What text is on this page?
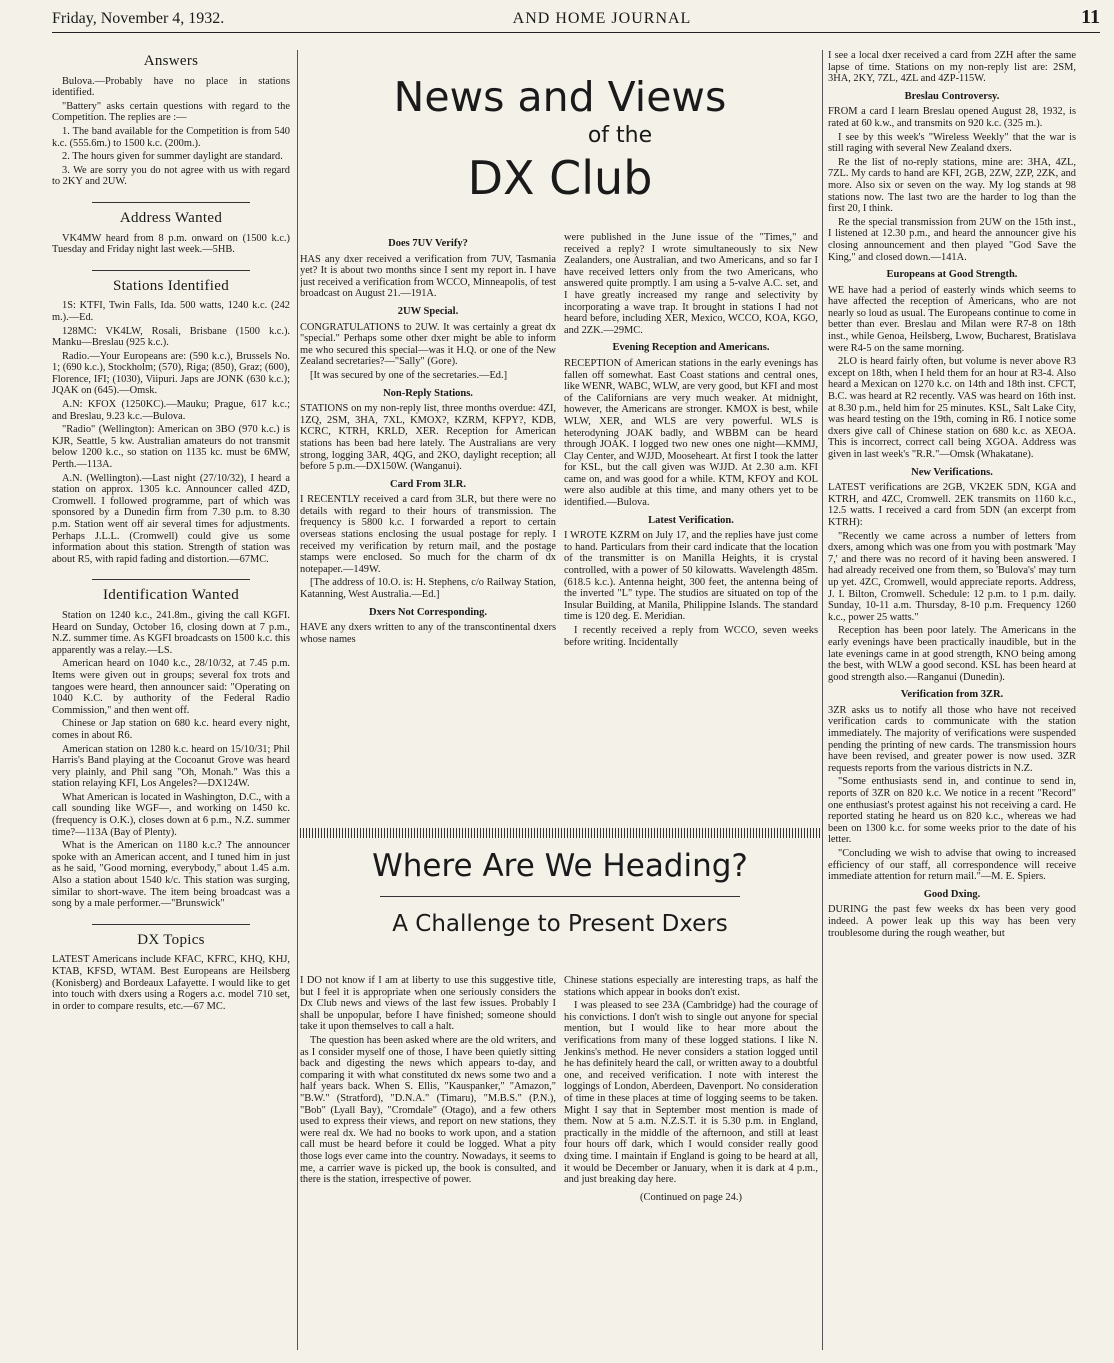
Friday, November 4, 1932.	AND HOME JOURNAL	11
Answers

Bulova.—Probably have no place in stations identified.

"Battery" asks certain questions with regard to the Competition. The replies are :—

1. The band available for the Competition is from 540 k.c. (555.6m.) to 1500 k.c. (200m.).

2. The hours given for summer daylight are standard.

3. We are sorry you do not agree with us with regard to 2KY and 2UW.

Address Wanted

VK4MW heard from 8 p.m. onward on (1500 k.c.) Tuesday and Friday night last week.—5HB.

Stations Identified

1S: KTFI, Twin Falls, Ida. 500 watts, 1240 k.c. (242 m.).—Ed.

128MC: VK4LW, Rosali, Brisbane (1500 k.c.). Manku—Breslau (925 k.c.).

Radio.—Your Europeans are: (590 k.c.), Brussels No. 1; (690 k.c.), Stockholm; (570), Riga; (850), Graz; (600), Florence, IFI; (1030), Viipuri. Japs are JONK (630 k.c.); JQAK on (645).—Omsk.

A.N: KFOX (1250KC).—Mauku; Prague, 617 k.c.; and Breslau, 9.23 k.c.—Bulova.

"Radio" (Wellington): American on 3BO (970 k.c.) is KJR, Seattle, 5 kw. Australian amateurs do not transmit below 1200 k.c., so station on 1135 kc. must be 6MW, Perth.—113A.

A.N. (Wellington).—Last night (27/10/32), I heard a station on approx. 1305 k.c. Announcer called 4ZD, Cromwell. I followed programme, part of which was sponsored by a Dunedin firm from 7.30 p.m. to 8.30 p.m. Station went off air several times for adjustments. Perhaps J.L.L. (Cromwell) could give us some information about this station. Strength of station was about R5, with rapid fading and distortion.—67MC.

Identification Wanted

Station on 1240 k.c., 241.8m., giving the call KGFI. Heard on Sunday, October 16, closing down at 7 p.m., N.Z. summer time. As KGFI broadcasts on 1500 k.c. this apparently was a relay.—LS.

American heard on 1040 k.c., 28/10/32, at 7.45 p.m. Items were given out in groups; several fox trots and tangoes were heard, then announcer said: "Operating on 1040 K.C. by authority of the Federal Radio Commission," and then went off.

Chinese or Jap station on 680 k.c. heard every night, comes in about R6.

American station on 1280 k.c. heard on 15/10/31; Phil Harris's Band playing at the Cocoanut Grove was heard very plainly, and Phil sang "Oh, Monah." Was this a station relaying KFI, Los Angeles?—DX124W.

What American is located in Washington, D.C., with a call sounding like WGF—, and working on 1450 kc. (frequency is O.K.), closes down at 6 p.m., N.Z. summer time?—113A (Bay of Plenty).

What is the American on 1180 k.c.? The announcer spoke with an American accent, and I tuned him in just as he said, "Good morning, everybody," about 1.45 a.m. Also a station about 1540 k/c. This station was surging, similar to short-wave. The item being broadcast was a song by a male performer.—"Brunswick"

DX Topics

LATEST Americans include KFAC, KFRC, KHQ, KHJ, KTAB, KFSD, WTAM. Best Europeans are Heilsberg (Konisberg) and Bordeaux Lafayette. I would like to get into touch with dxers using a Rogers a.c. model 710 set, in order to compare results, etc.—67 MC.

News and Views
of the
DX Club
Does 7UV Verify?

HAS any dxer received a verification from 7UV, Tasmania yet? It is about two months since I sent my report in. I have just received a verification from WCCO, Minneapolis, of test broadcast on August 21.—191A.

2UW Special.

CONGRATULATIONS to 2UW. It was certainly a great dx "special." Perhaps some other dxer might be able to inform me who secured this special—was it H.Q. or one of the New Zealand secretaries?—"Sally" (Gore).

[It was secured by one of the secretaries.—Ed.]

Non-Reply Stations.

STATIONS on my non-reply list, three months overdue: 4ZI, 1ZQ, 2SM, 3HA, 7XL, KMOX?, KZRM, KFPY?, KDB, KCRC, KTRH, KRLD, XER. Reception for American stations has been bad here lately. The Australians are very strong, logging 3AR, 4QG, and 2KO, daylight reception; all before 5 p.m.—DX150W. (Wanganui).

Card From 3LR.

I RECENTLY received a card from 3LR, but there were no details with regard to their hours of transmission. The frequency is 5800 k.c. I forwarded a report to certain overseas stations enclosing the usual postage for reply. I received my verification by return mail, and the postage stamps were enclosed. So much for the charm of dx notepaper.—149W.

[The address of 10.O. is: H. Stephens, c/o Railway Station, Katanning, West Australia.—Ed.]

Dxers Not Corresponding.

HAVE any dxers written to any of the transcontinental dxers whose names

were published in the June issue of the "Times," and received a reply? I wrote simultaneously to six New Zealanders, one Australian, and two Americans, and so far I have received letters only from the two Americans, who answered quite promptly. I am using a 5-valve A.C. set, and I have greatly increased my range and selectivity by incorporating a wave trap. It brought in stations I had not heard before, including XER, Mexico, WCCO, KOA, KGO, and 2ZK.—29MC.

Evening Reception and Americans.

RECEPTION of American stations in the early evenings has fallen off somewhat. East Coast stations and central ones, like WENR, WABC, WLW, are very good, but KFI and most of the Californians are very much weaker. At midnight, however, the Americans are stronger. KMOX is best, while WLW, XER, and WLS are very powerful. WLS is heterodyning JOAK badly, and WBBM can be heard through JOAK. I logged two new ones one night—KMMJ, Clay Center, and WJJD, Mooseheart. At first I took the latter for KSL, but the call given was WJJD. At 2.30 a.m. KFI came on, and was good for a while. KTM, KFOY and KOL were also audible at this time, and many others yet to be identified.—Bulova.

Latest Verification.

I WROTE KZRM on July 17, and the replies have just come to hand. Particulars from their card indicate that the location of the transmitter is on Manilla Heights, it is crystal controlled, with a power of 50 kilowatts. Wavelength 485m. (618.5 k.c.). Antenna height, 300 feet, the antenna being of the inverted "L" type. The studios are situated on top of the Insular Building, at Manila, Philippine Islands. The standard time is 120 deg. E. Meridian.

I recently received a reply from WCCO, seven weeks before writing. Incidentally

Where Are We Heading?
A Challenge to Present Dxers

I DO not know if I am at liberty to use this suggestive title, but I feel it is appropriate when one seriously considers the Dx Club news and views of the last few issues. Probably I shall be unpopular, before I have finished; someone should take it upon themselves to call a halt.

The question has been asked where are the old writers, and as I consider myself one of those, I have been quietly sitting back and digesting the news which appears to-day, and comparing it with what constituted dx news some two and a half years back. When S. Ellis, "Kauspanker," "Amazon," "B.W." (Stratford), "D.N.A." (Timaru), "M.B.S." (P.N.), "Bob" (Lyall Bay), "Cromdale" (Otago), and a few others used to express their views, and report on new stations, they were real dx. We had no books to work upon, and a station call must be heard before it could be logged. What a pity those logs ever came into the country. Nowadays, it seems to me, a carrier wave is picked up, the book is consulted, and there is the station, irrespective of power.

Chinese stations especially are interesting traps, as half the stations which appear in books don't exist.

I was pleased to see 23A (Cambridge) had the courage of his convictions. I don't wish to single out anyone for special mention, but I would like to hear more about the verifications from many of these logged stations. I like N. Jenkins's method. He never considers a station logged until he has definitely heard the call, or written away to a doubtful one, and received verification. I note with interest the loggings of London, Aberdeen, Davenport. No consideration of time in these places at time of logging seems to be taken. Might I say that in September most mention is made of them. Now at 5 a.m. N.Z.S.T. it is 5.30 p.m. in England, practically in the middle of the afternoon, and still at least four hours off dark, which I would consider really good dxing time. I maintain if England is going to be heard at all, it would be December or January, when it is dark at 4 p.m., and just breaking day here.

(Continued on page 24.)

I see a local dxer received a card from 2ZH after the same lapse of time. Stations on my non-reply list are: 2SM, 3HA, 2KY, 7ZL, 4ZL and 4ZP-115W.

Breslau Controversy.

FROM a card I learn Breslau opened August 28, 1932, is rated at 60 k.w., and transmits on 920 k.c. (325 m.).

I see by this week's "Wireless Weekly" that the war is still raging with several New Zealand dxers.

Re the list of no-reply stations, mine are: 3HA, 4ZL, 7ZL. My cards to hand are KFI, 2GB, 2ZW, 2ZP, 2ZK, and more. Also six or seven on the way. My log stands at 98 stations now. The last two are the harder to log than the first 20, I think.

Re the special transmission from 2UW on the 15th inst., I listened at 12.30 p.m., and heard the announcer give his closing announcement and then played "God Save the King," and closed down.—141A.

Europeans at Good Strength.

WE have had a period of easterly winds which seems to have affected the reception of Americans, who are not nearly so loud as usual. The Europeans continue to come in better than ever. Breslau and Milan were R7-8 on 18th inst., while Genoa, Heilsberg, Lwow, Bucharest, Bratislava were R4-5 on the same morning.

2LO is heard fairly often, but volume is never above R3 except on 18th, when I held them for an hour at R3-4. Also heard a Mexican on 1270 k.c. on 14th and 18th inst. CFCT, B.C. was heard at R2 recently. VAS was heard on 16th inst. at 8.30 p.m., held him for 25 minutes. KSL, Salt Lake City, was heard testing on the 19th, coming in R6. I notice some dxers give call of Chinese station on 680 k.c. as XEOA. This is incorrect, correct call being XGOA. Address was given in last week's "R.R."—Omsk (Whakatane).

New Verifications.

LATEST verifications are 2GB, VK2EK 5DN, KGA and KTRH, and 4ZC, Cromwell. 2EK transmits on 1160 k.c., 12.5 watts. I received a card from 5DN (an excerpt from KTRH):

"Recently we came across a number of letters from dxers, among which was one from you with postmark 'May 7,' and there was no record of it having been answered. I had already received one from them, so 'Bulova's' may turn up yet. 4ZC, Cromwell, would appreciate reports. Address, J. I. Bilton, Cromwell. Schedule: 12 p.m. to 1 p.m. daily. Sunday, 10-11 a.m. Thursday, 8-10 p.m. Frequency 1260 k.c., power 25 watts."

Reception has been poor lately. The Americans in the early evenings have been practically inaudible, but in the late evenings came in at good strength, KNO being among the best, with WLW a good second. KSL has been heard at good strength also.—Ranganui (Dunedin).

Verification from 3ZR.

3ZR asks us to notify all those who have not received verification cards to communicate with the station immediately. The majority of verifications were suspended pending the printing of new cards. The transmission hours have been revised, and greater power is now used. 3ZR requests reports from the various districts in N.Z.

"Some enthusiasts send in, and continue to send in, reports of 3ZR on 820 k.c. We notice in a recent "Record" one enthusiast's protest against his not receiving a card. He reported stating he heard us on 820 k.c., whereas we had been on 1300 k.c. for some weeks prior to the date of his letter.

"Concluding we wish to advise that owing to increased efficiency of our staff, all correspondence will receive immediate attention for return mail."—M. E. Spiers.

Good Dxing.

DURING the past few weeks dx has been very good indeed. A power leak up this way has been very troublesome during the rough weather, but
